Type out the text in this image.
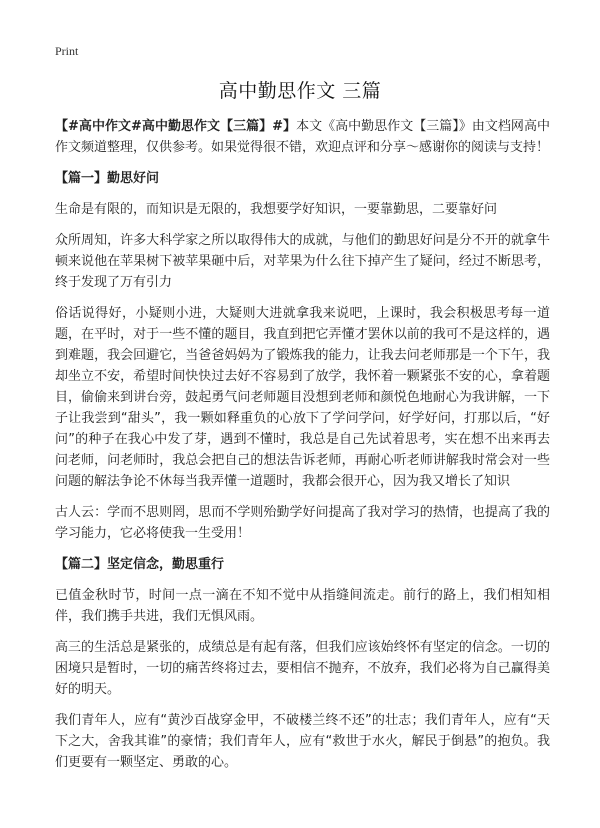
Print
高中勤思作文 三篇

【#高中作文#高中勤思作文【三篇】#】本文《高中勤思作文【三篇】》由文档网高中作文频道整理，仅供参考。如果觉得很不错，欢迎点评和分享～感谢你的阅读与支持！

【篇一】勤思好问

生命是有限的，而知识是无限的，我想要学好知识，一要靠勤思，二要靠好问

众所周知，许多大科学家之所以取得伟大的成就，与他们的勤思好问是分不开的就拿牛顿来说他在苹果树下被苹果砸中后，对苹果为什么往下掉产生了疑问，经过不断思考，终于发现了万有引力

俗话说得好，小疑则小进，大疑则大进就拿我来说吧，上课时，我会积极思考每一道题，在平时，对于一些不懂的题目，我直到把它弄懂才罢休以前的我可不是这样的，遇到难题，我会回避它，当爸爸妈妈为了锻炼我的能力，让我去问老师那是一个下午，我却坐立不安，希望时间快快过去好不容易到了放学，我怀着一颗紧张不安的心，拿着题目，偷偷来到讲台旁，鼓起勇气问老师题目没想到老师和颜悦色地耐心为我讲解，一下子让我尝到“甜头”，我一颗如释重负的心放下了学问学问，好学好问，打那以后，“好问”的种子在我心中发了芽，遇到不懂时，我总是自己先试着思考，实在想不出来再去问老师，问老师时，我总会把自己的想法告诉老师，再耐心听老师讲解我时常会对一些问题的解法争论不休每当我弄懂一道题时，我都会很开心，因为我又增长了知识

古人云：学而不思则罔，思而不学则殆勤学好问提高了我对学习的热情，也提高了我的学习能力，它必将使我一生受用！

【篇二】坚定信念，勤思重行

已值金秋时节，时间一点一滴在不知不觉中从指缝间流走。前行的路上，我们相知相伴，我们携手共进，我们无惧风雨。

高三的生活总是紧张的，成绩总是有起有落，但我们应该始终怀有坚定的信念。一切的困境只是暂时，一切的痛苦终将过去，要相信不抛弃，不放弃，我们必将为自己赢得美好的明天。

我们青年人，应有“黄沙百战穿金甲，不破楼兰终不还”的壮志；我们青年人，应有“天下之大，舍我其谁”的豪情；我们青年人，应有“救世于水火，解民于倒悬”的抱负。我们更要有一颗坚定、勇敢的心。
